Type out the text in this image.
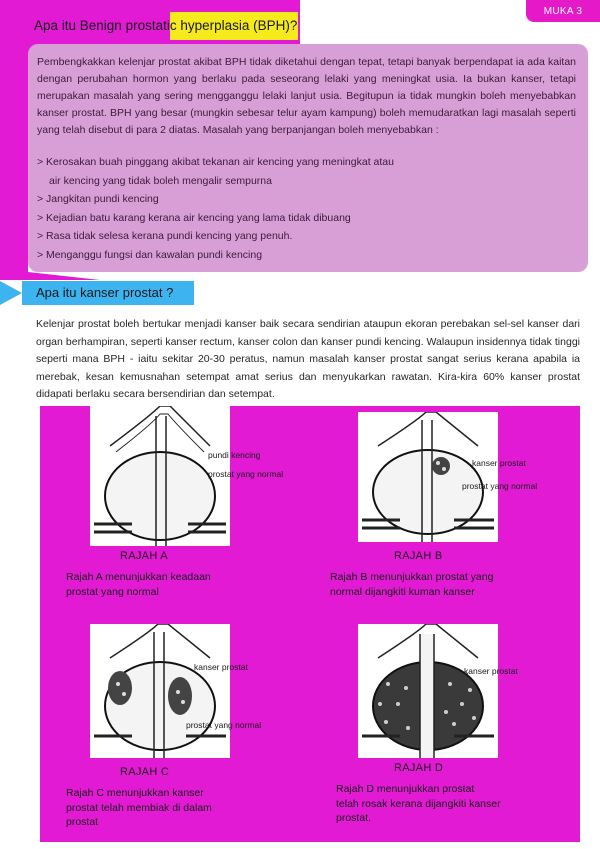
MUKA 3
Apa itu Benign prostatic hyperplasia (BPH)?

Pembengkakkan kelenjar prostat akibat BPH tidak diketahui dengan tepat, tetapi banyak berpendapat ia ada kaitan dengan perubahan hormon yang berlaku pada seseorang lelaki yang meningkat usia. Ia bukan kanser, tetapi merupakan masalah yang sering mengganggu lelaki lanjut usia. Begitupun ia tidak mungkin boleh menyebabkan kanser prostat. BPH yang besar (mungkin sebesar telur ayam kampung) boleh memudaratkan lagi masalah seperti yang telah disebut di para 2 diatas. Masalah yang berpanjangan boleh menyebabkan :

> Kerosakan buah pinggang akibat tekanan air kencing yang meningkat atau
air kencing yang tidak boleh mengalir sempurna
> Jangkitan pundi kencing
> Kejadian batu karang kerana air kencing yang lama tidak dibuang
> Rasa tidak selesa kerana pundi kencing yang penuh.
> Menganggu fungsi dan kawalan pundi kencing
Apa itu kanser prostat ?

Kelenjar prostat boleh bertukar menjadi kanser baik secara sendirian ataupun ekoran perebakan sel-sel kanser dari organ berhampiran, seperti kanser rectum, kanser colon dan kanser pundi kencing. Walaupun insidennya tidak tinggi seperti mana BPH - iaitu sekitar 20-30 peratus, namun masalah kanser prostat sangat serius kerana apabila ia merebak, kesan kemusnahan setempat amat serius dan menyukarkan rawatan. Kira-kira 60% kanser prostat didapati berlaku secara bersendirian dan setempat.

pundi kencing
prostat yang normal
RAJAH A
Rajah A menunjukkan keadaan
prostat yang normal
kanser prostat
prostat yang normal
RAJAH B
Rajah B menunjukkan prostat yang
normal dijangkiti kuman kanser
kanser prostat
prostat yang normal
RAJAH C
Rajah C menunjukkan kanser
prostat telah membiak di dalam
prostat
kanser prostat
RAJAH D
Rajah D menunjukkan prostat
telah rosak kerana dijangkiti kanser
prostat.
